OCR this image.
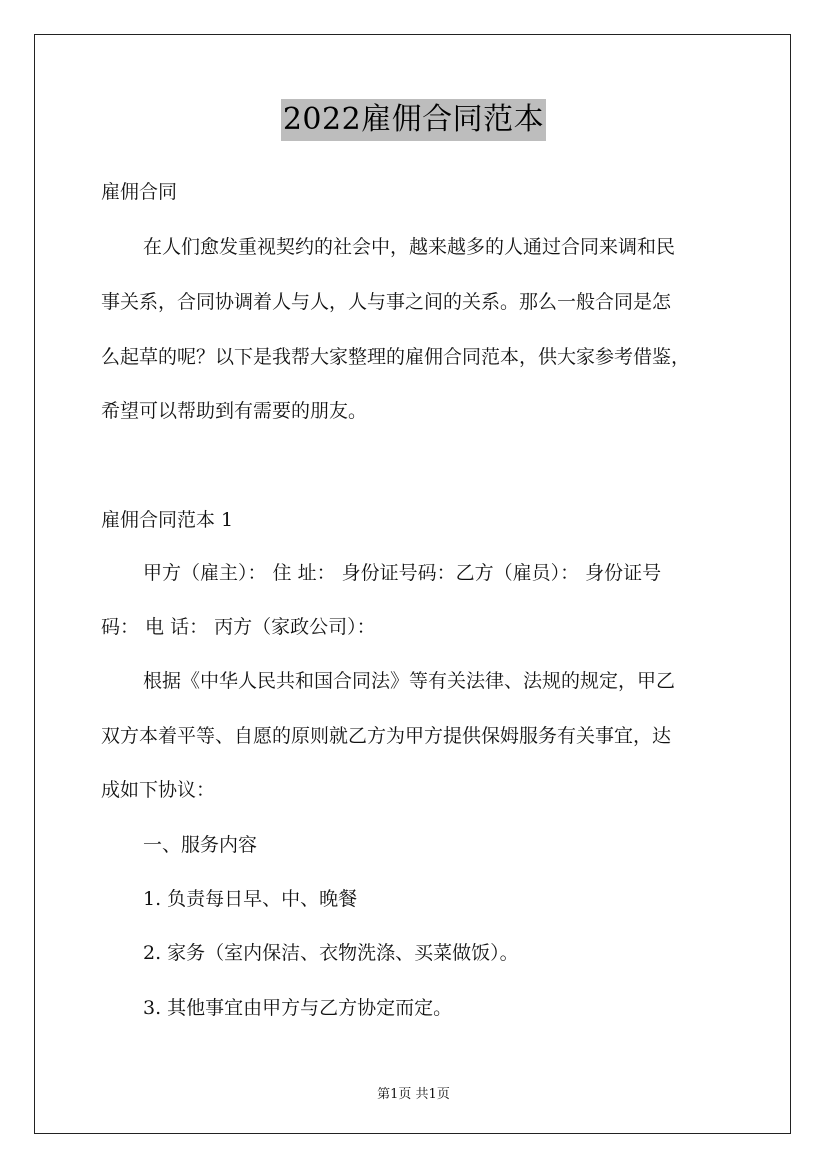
2022雇佣合同范本
雇佣合同
在人们愈发重视契约的社会中，越来越多的人通过合同来调和民
事关系，合同协调着人与人，人与事之间的关系。那么一般合同是怎
么起草的呢？以下是我帮大家整理的雇佣合同范本，供大家参考借鉴，
希望可以帮助到有需要的朋友。
雇佣合同范本 1
甲方（雇主）： 住 址： 身份证号码：乙方（雇员）： 身份证号
码： 电 话： 丙方（家政公司）：
根据《中华人民共和国合同法》等有关法律、法规的规定，甲乙
双方本着平等、自愿的原则就乙方为甲方提供保姆服务有关事宜，达
成如下协议：
一、服务内容
1. 负责每日早、中、晚餐
2. 家务（室内保洁、衣物洗涤、买菜做饭）。
3. 其他事宜由甲方与乙方协定而定。
第1页 共1页
